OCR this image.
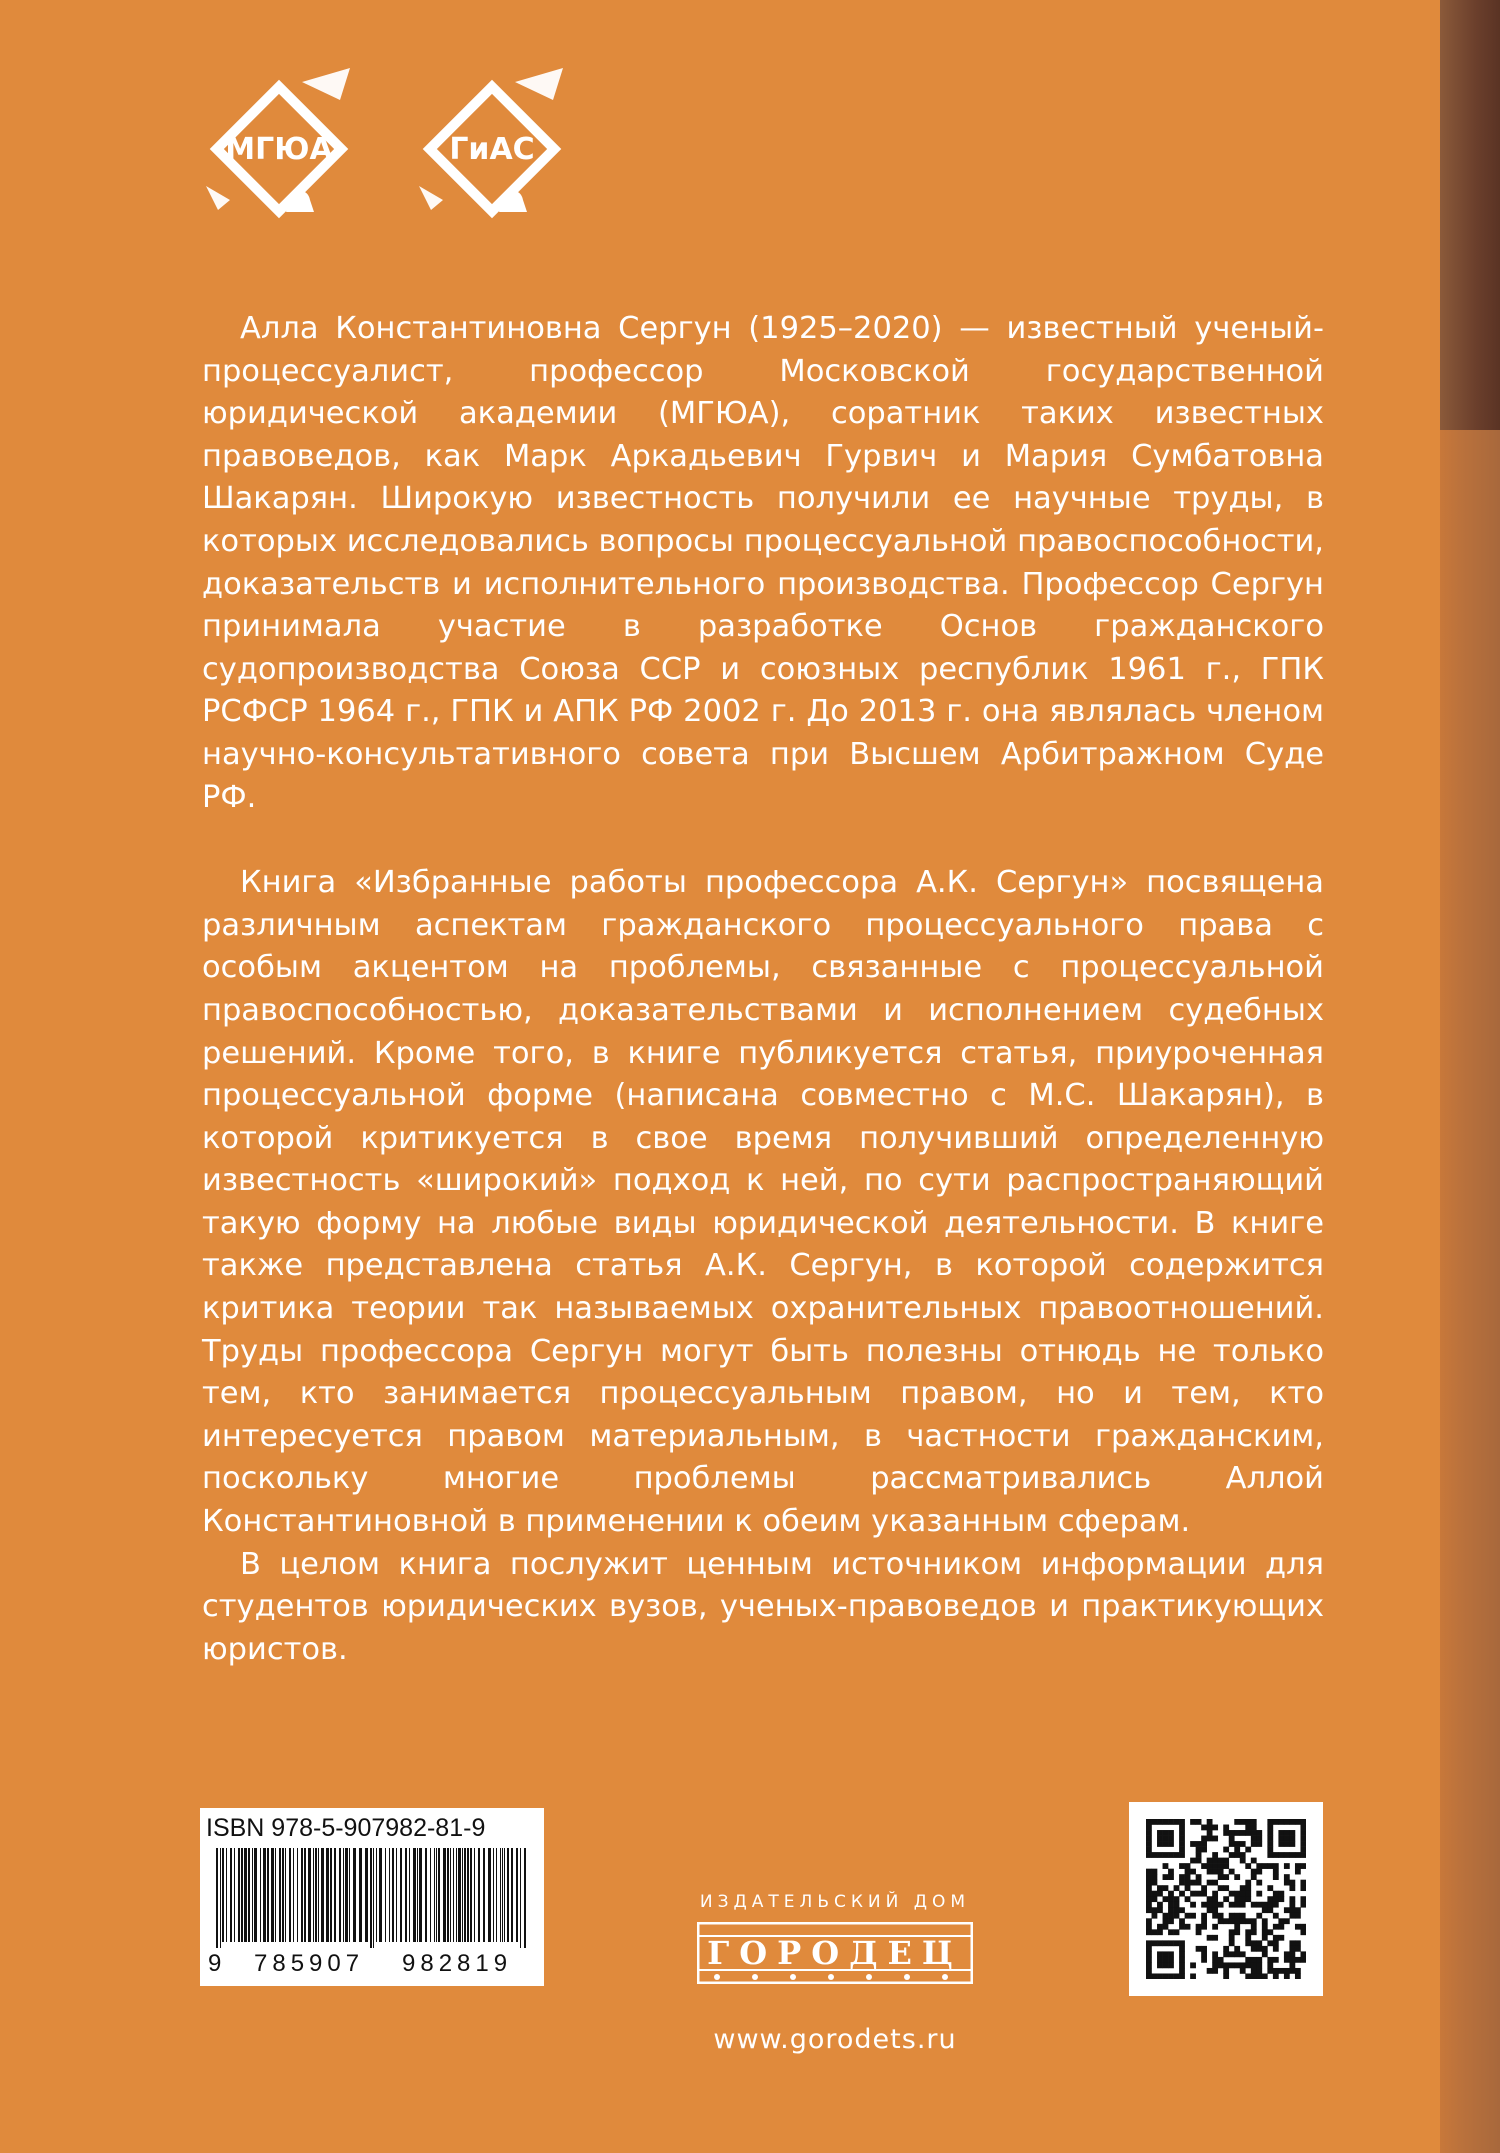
МГЮА	ГиАС

Алла Константиновна Сергун (1925–2020) — известный ученый-процессуалист, профессор Московской государственной юридической академии (МГЮА), соратник таких известных правоведов, как Марк Аркадьевич Гурвич и Мария Сумбатовна Шакарян. Широкую известность получили ее научные труды, в которых исследовались вопросы процессуальной правоспособности, доказательств и исполнительного производства. Профессор Сергун принимала участие в разработке Основ гражданского судопроизводства Союза ССР и союзных республик 1961 г., ГПК РСФСР 1964 г., ГПК и АПК РФ 2002 г. До 2013 г. она являлась членом научно-консультативного совета при Высшем Арбитражном Суде РФ.

Книга «Избранные работы профессора А.К. Сергун» посвящена различным аспектам гражданского процессуального права с особым акцентом на проблемы, связанные с процессуальной правоспособностью, доказательствами и исполнением судебных решений. Кроме того, в книге публикуется статья, приуроченная процессуальной форме (написана совместно с М.С. Шакарян), в которой критикуется в свое время получивший определенную известность «широкий» подход к ней, по сути распространяющий такую форму на любые виды юридической деятельности. В книге также представлена статья А.К. Сергун, в которой содержится критика теории так называемых охранительных правоотношений. Труды профессора Сергун могут быть полезны отнюдь не только тем, кто занимается процессуальным правом, но и тем, кто интересуется правом материальным, в частности гражданским, поскольку многие проблемы рассматривались Аллой Константиновной в применении к обеим указанным сферам.

В целом книга послужит ценным источником информации для студентов юридических вузов, ученых-правоведов и практикующих юристов.

ISBN 978-5-907982-81-9
9 785907 982819
ИЗДАТЕЛЬСКИЙ ДОМ
ГОРОДЕЦ
www.gorodets.ru
